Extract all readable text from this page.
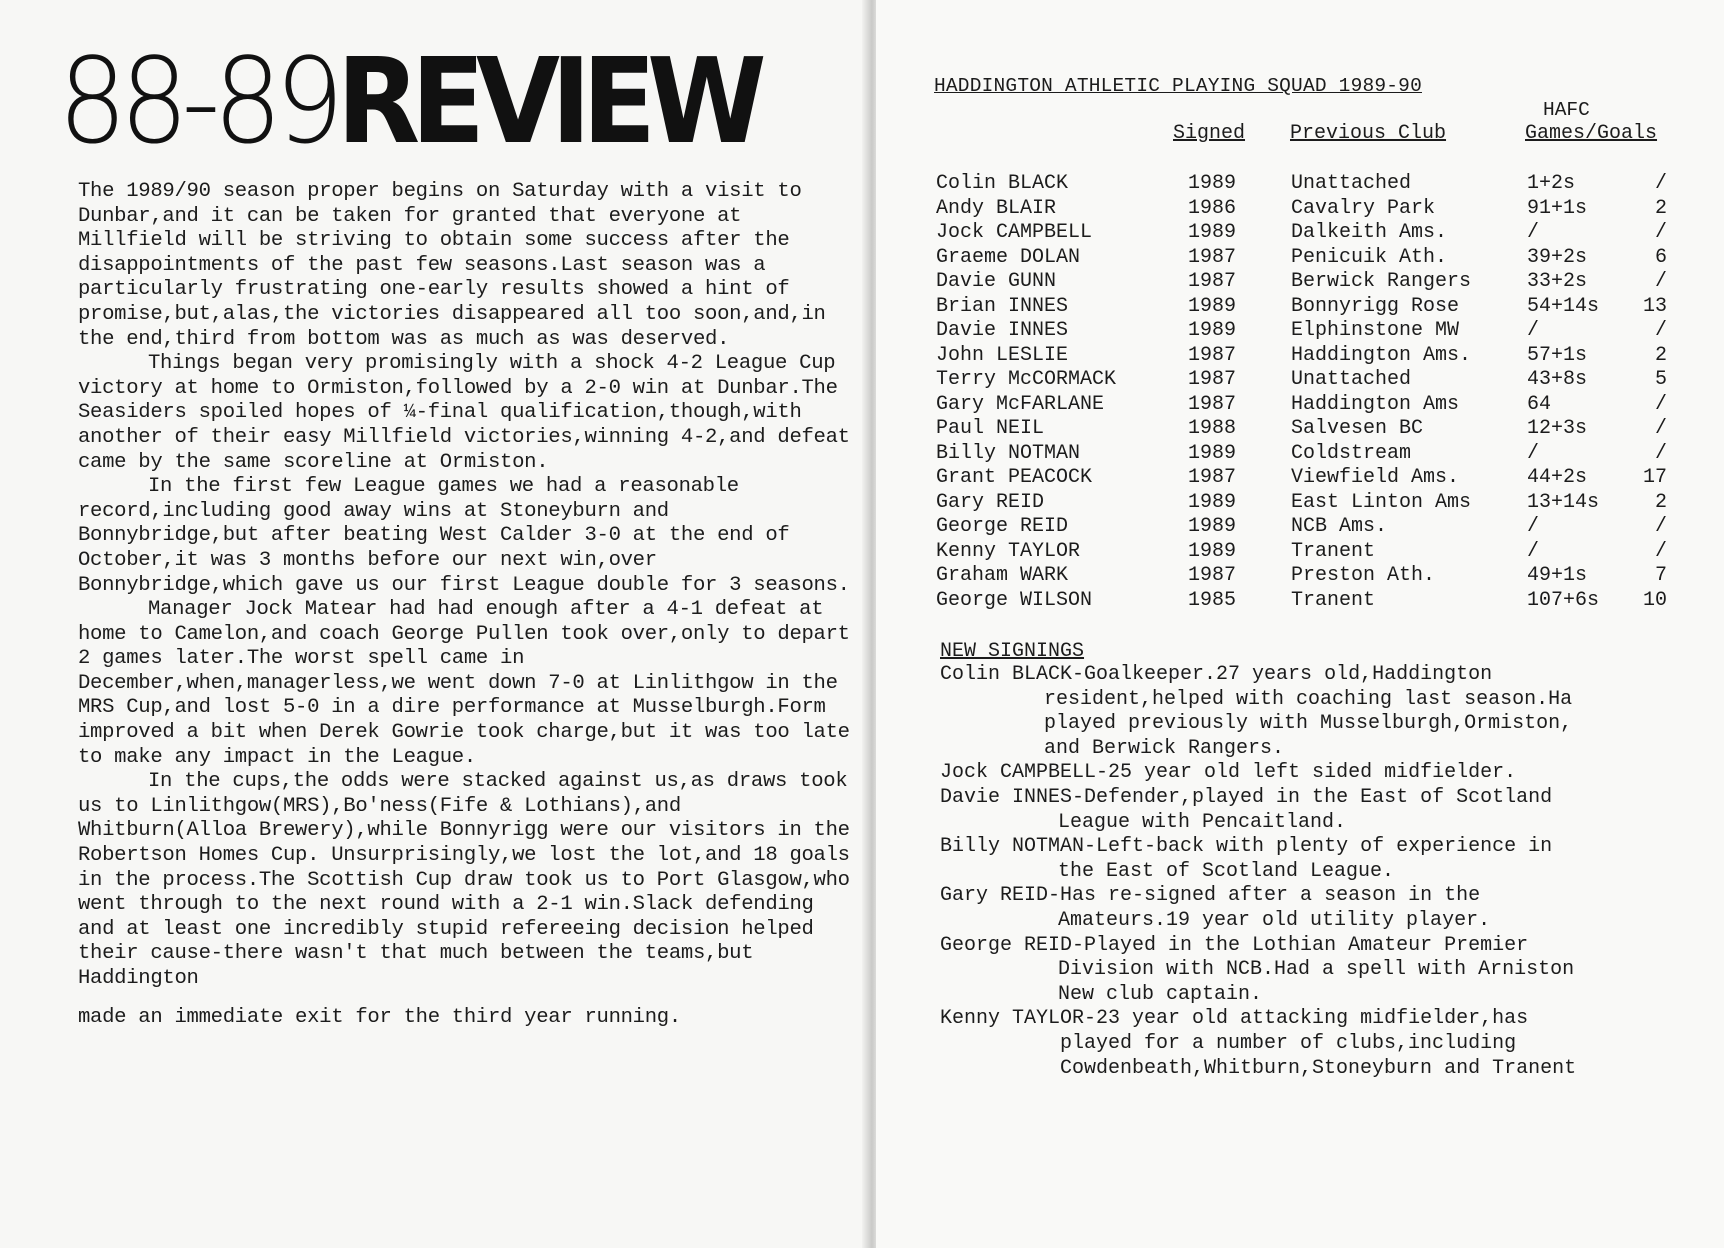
88-89REVIEW

The 1989/90 season proper begins on Saturday with a visit to Dunbar,and it can be taken for granted that everyone at Millfield will be striving to obtain some success after the disappointments of the past few seasons.Last season was a particularly frustrating one-early results showed a hint of promise,but,alas,the victories disappeared all too soon,and,in the end,third from bottom was as much as was deserved.

Things began very promisingly with a shock 4-2 League Cup victory at home to Ormiston,followed by a 2-0 win at Dunbar.The Seasiders spoiled hopes of ¼-final qualification,though,with another of their easy Millfield victories,winning 4-2,and defeat came by the same scoreline at Ormiston.

In the first few League games we had a reasonable record,including good away wins at Stoneyburn and Bonnybridge,but after beating West Calder 3-0 at the end of October,it was 3 months before our next win,over Bonnybridge,which gave us our first League double for 3 seasons.

Manager Jock Matear had had enough after a 4-1 defeat at home to Camelon,and coach George Pullen took over,only to depart 2 games later.The worst spell came in December,when,managerless,we went down 7-0 at Linlithgow in the MRS Cup,and lost 5-0 in a dire performance at Musselburgh.Form improved a bit when Derek Gowrie took charge,but it was too late to make any impact in the League.

In the cups,the odds were stacked against us,as draws took us to Linlithgow(MRS),Bo'ness(Fife & Lothians),and Whitburn(Alloa Brewery),while Bonnyrigg were our visitors in the Robertson Homes Cup. Unsurprisingly,we lost the lot,and 18 goals in the process.The Scottish Cup draw took us to Port Glasgow,who went through to the next round with a 2-1 win.Slack defending and at least one incredibly stupid refereeing decision helped their cause-there wasn't that much between the teams,but Haddington

made an immediate exit for the third year running.

HADDINGTON ATHLETIC PLAYING SQUAD 1989-90
HAFC
Signed Previous Club	Games/Goals
Colin BLACK	1989	Unattached	1+2s	/
Andy BLAIR	1986	Cavalry Park	91+1s	2
Jock CAMPBELL	1989	Dalkeith Ams.	/	/
Graeme DOLAN	1987	Penicuik Ath.	39+2s	6
Davie GUNN	1987	Berwick Rangers	33+2s	/
Brian INNES	1989	Bonnyrigg Rose	54+14s	13
Davie INNES	1989	Elphinstone MW	/	/
John LESLIE	1987	Haddington Ams.	57+1s	2
Terry McCORMACK	1987	Unattached	43+8s	5
Gary McFARLANE	1987	Haddington Ams	64	/
Paul NEIL	1988	Salvesen BC	12+3s	/
Billy NOTMAN	1989	Coldstream	/	/
Grant PEACOCK	1987	Viewfield Ams.	44+2s	17
Gary REID	1989	East Linton Ams	13+14s	2
George REID	1989	NCB Ams.	/	/
Kenny TAYLOR	1989	Tranent	/	/
Graham WARK	1987	Preston Ath.	49+1s	7
George WILSON	1985	Tranent	107+6s	10
NEW SIGNINGS
Colin BLACK-Goalkeeper.27 years old,Haddington
resident,helped with coaching last season.Ha
played previously with Musselburgh,Ormiston,
and Berwick Rangers.
Jock CAMPBELL-25 year old left sided midfielder.
Davie INNES-Defender,played in the East of Scotland
League with Pencaitland.
Billy NOTMAN-Left-back with plenty of experience in
the East of Scotland League.
Gary REID-Has re-signed after a season in the
Amateurs.19 year old utility player.
George REID-Played in the Lothian Amateur Premier
Division with NCB.Had a spell with Arniston
New club captain.
Kenny TAYLOR-23 year old attacking midfielder,has
played for a number of clubs,including
Cowdenbeath,Whitburn,Stoneyburn and Tranent
